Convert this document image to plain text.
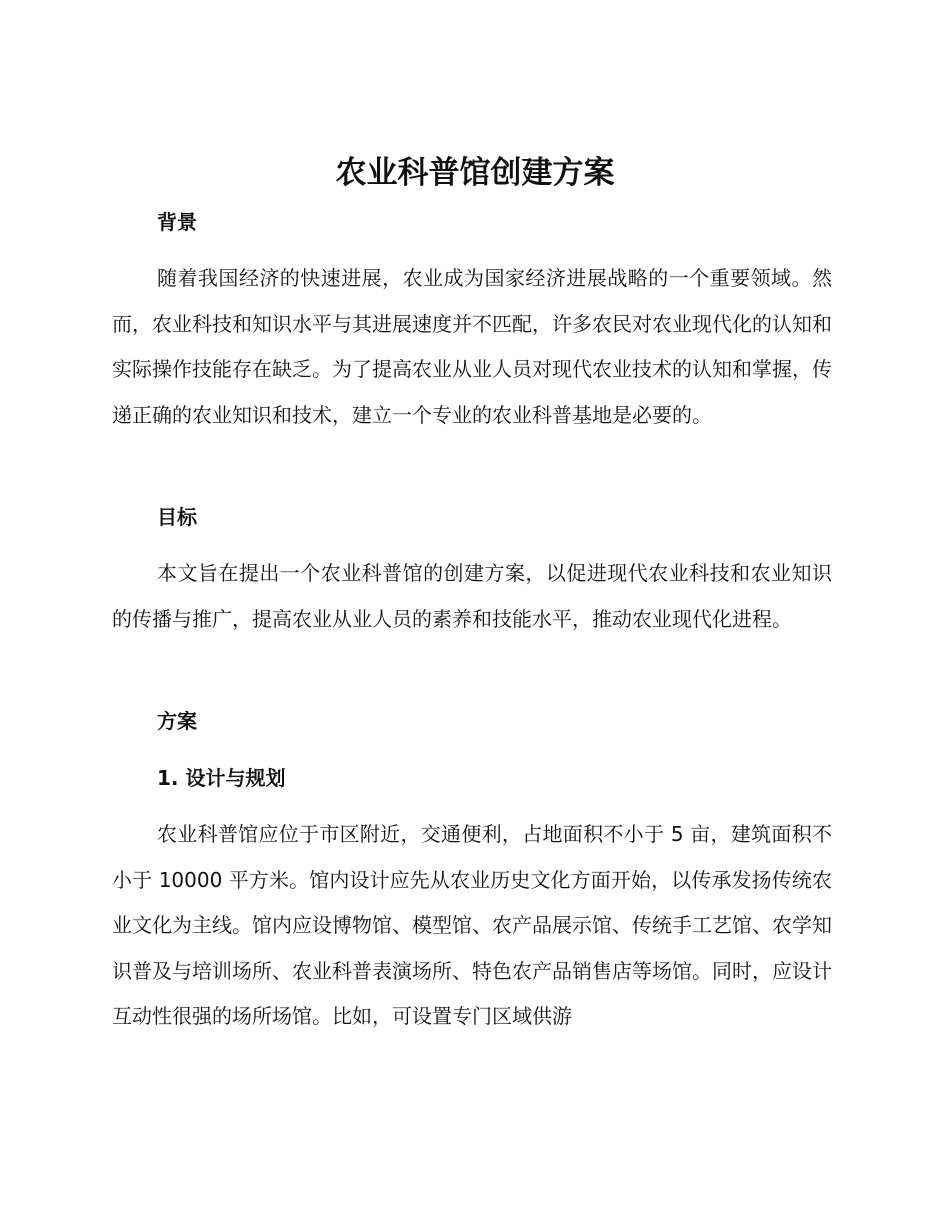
农业科普馆创建方案
背景

随着我国经济的快速进展，农业成为国家经济进展战略的一个重要领域。然而，农业科技和知识水平与其进展速度并不匹配，许多农民对农业现代化的认知和实际操作技能存在缺乏。为了提高农业从业人员对现代农业技术的认知和掌握，传递正确的农业知识和技术，建立一个专业的农业科普基地是必要的。

目标

本文旨在提出一个农业科普馆的创建方案，以促进现代农业科技和农业知识的传播与推广，提高农业从业人员的素养和技能水平，推动农业现代化进程。

方案
1. 设计与规划

农业科普馆应位于市区附近，交通便利，占地面积不小于 5 亩，建筑面积不小于 10000 平方米。馆内设计应先从农业历史文化方面开始，以传承发扬传统农业文化为主线。馆内应设博物馆、模型馆、农产品展示馆、传统手工艺馆、农学知识普及与培训场所、农业科普表演场所、特色农产品销售店等场馆。同时，应设计互动性很强的场所场馆。比如，可设置专门区域供游
